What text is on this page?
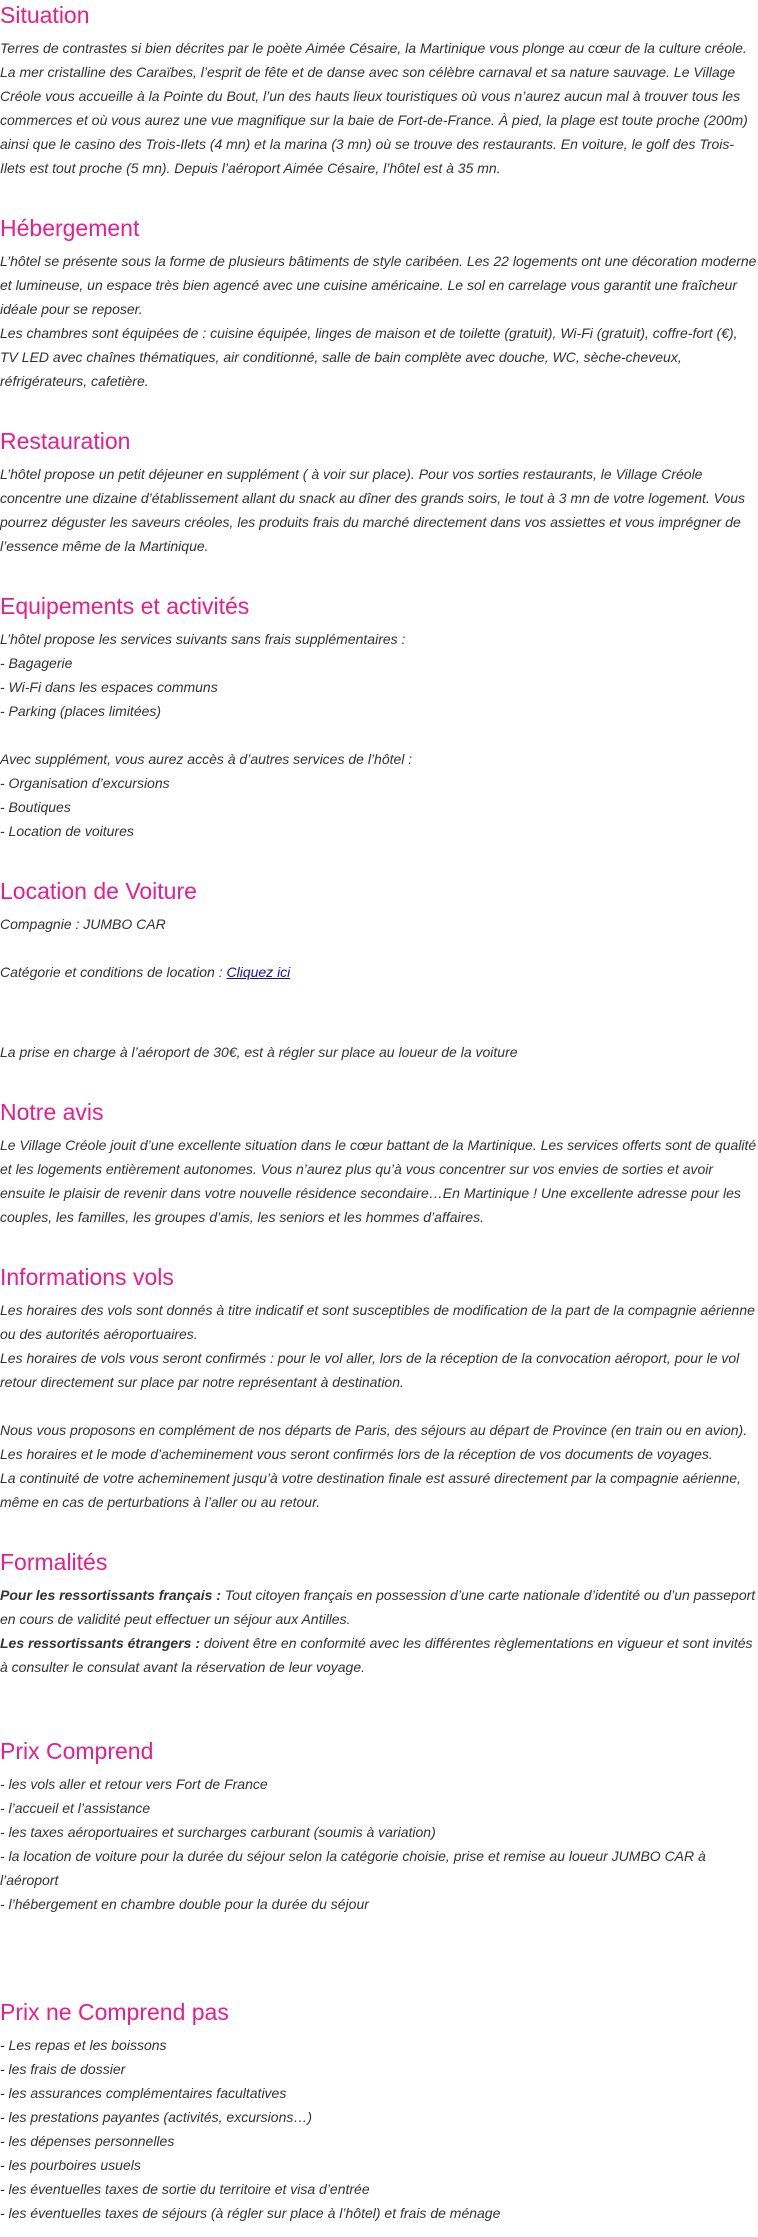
Situation

Terres de contrastes si bien décrites par le poète Aimée Césaire, la Martinique vous plonge au cœur de la culture créole. La mer cristalline des Caraïbes, l’esprit de fête et de danse avec son célèbre carnaval et sa nature sauvage. Le Village Créole vous accueille à la Pointe du Bout, l’un des hauts lieux touristiques où vous n’aurez aucun mal à trouver tous les commerces et où vous aurez une vue magnifique sur la baie de Fort-de-France. À pied, la plage est toute proche (200m) ainsi que le casino des Trois-Ilets (4 mn) et la marina (3 mn) où se trouve des restaurants. En voiture, le golf des Trois-Ilets est tout proche (5 mn). Depuis l’aéroport Aimée Césaire, l’hôtel est à 35 mn.

Hébergement

L’hôtel se présente sous la forme de plusieurs bâtiments de style caribéen. Les 22 logements ont une décoration moderne et lumineuse, un espace très bien agencé avec une cuisine américaine. Le sol en carrelage vous garantit une fraîcheur idéale pour se reposer.

Les chambres sont équipées de : cuisine équipée, linges de maison et de toilette (gratuit), Wi-Fi (gratuit), coffre-fort (€), TV LED avec chaînes thématiques, air conditionné, salle de bain complète avec douche, WC, sèche-cheveux, réfrigérateurs, cafetière.

Restauration

L’hôtel propose un petit déjeuner en supplément ( à voir sur place). Pour vos sorties restaurants, le Village Créole concentre une dizaine d’établissement allant du snack au dîner des grands soirs, le tout à 3 mn de votre logement. Vous pourrez déguster les saveurs créoles, les produits frais du marché directement dans vos assiettes et vous imprégner de l’essence même de la Martinique.

Equipements et activités

L’hôtel propose les services suivants sans frais supplémentaires :

- Bagagerie
- Wi-Fi dans les espaces communs
- Parking (places limitées)

Avec supplément, vous aurez accès à d’autres services de l’hôtel :

- Organisation d’excursions
- Boutiques
- Location de voitures
Location de Voiture

Compagnie : JUMBO CAR

Catégorie et conditions de location : Cliquez ici

La prise en charge à l’aéroport de 30€, est à régler sur place au loueur de la voiture

Notre avis

Le Village Créole jouit d’une excellente situation dans le cœur battant de la Martinique. Les services offerts sont de qualité et les logements entièrement autonomes. Vous n’aurez plus qu’à vous concentrer sur vos envies de sorties et avoir ensuite le plaisir de revenir dans votre nouvelle résidence secondaire…En Martinique ! Une excellente adresse pour les couples, les familles, les groupes d’amis, les seniors et les hommes d’affaires.

Informations vols

Les horaires des vols sont donnés à titre indicatif et sont susceptibles de modification de la part de la compagnie aérienne ou des autorités aéroportuaires.

Les horaires de vols vous seront confirmés : pour le vol aller, lors de la réception de la convocation aéroport, pour le vol retour directement sur place par notre représentant à destination.

Nous vous proposons en complément de nos départs de Paris, des séjours au départ de Province (en train ou en avion).

Les horaires et le mode d’acheminement vous seront confirmés lors de la réception de vos documents de voyages.

La continuité de votre acheminement jusqu’à votre destination finale est assuré directement par la compagnie aérienne, même en cas de perturbations à l’aller ou au retour.

Formalités

Pour les ressortissants français : Tout citoyen français en possession d’une carte nationale d’identité ou d’un passeport en cours de validité peut effectuer un séjour aux Antilles.

Les ressortissants étrangers : doivent être en conformité avec les différentes règlementations en vigueur et sont invités à consulter le consulat avant la réservation de leur voyage.

Prix Comprend
- les vols aller et retour vers Fort de France
- l’accueil et l’assistance
- les taxes aéroportuaires et surcharges carburant (soumis à variation)
- la location de voiture pour la durée du séjour selon la catégorie choisie, prise et remise au loueur JUMBO CAR à l’aéroport
- l’hébergement en chambre double pour la durée du séjour
Prix ne Comprend pas
- Les repas et les boissons
- les frais de dossier
- les assurances complémentaires facultatives
- les prestations payantes (activités, excursions…)
- les dépenses personnelles
- les pourboires usuels
- les éventuelles taxes de sortie du territoire et visa d’entrée
- les éventuelles taxes de séjours (à régler sur place à l’hôtel) et frais de ménage
